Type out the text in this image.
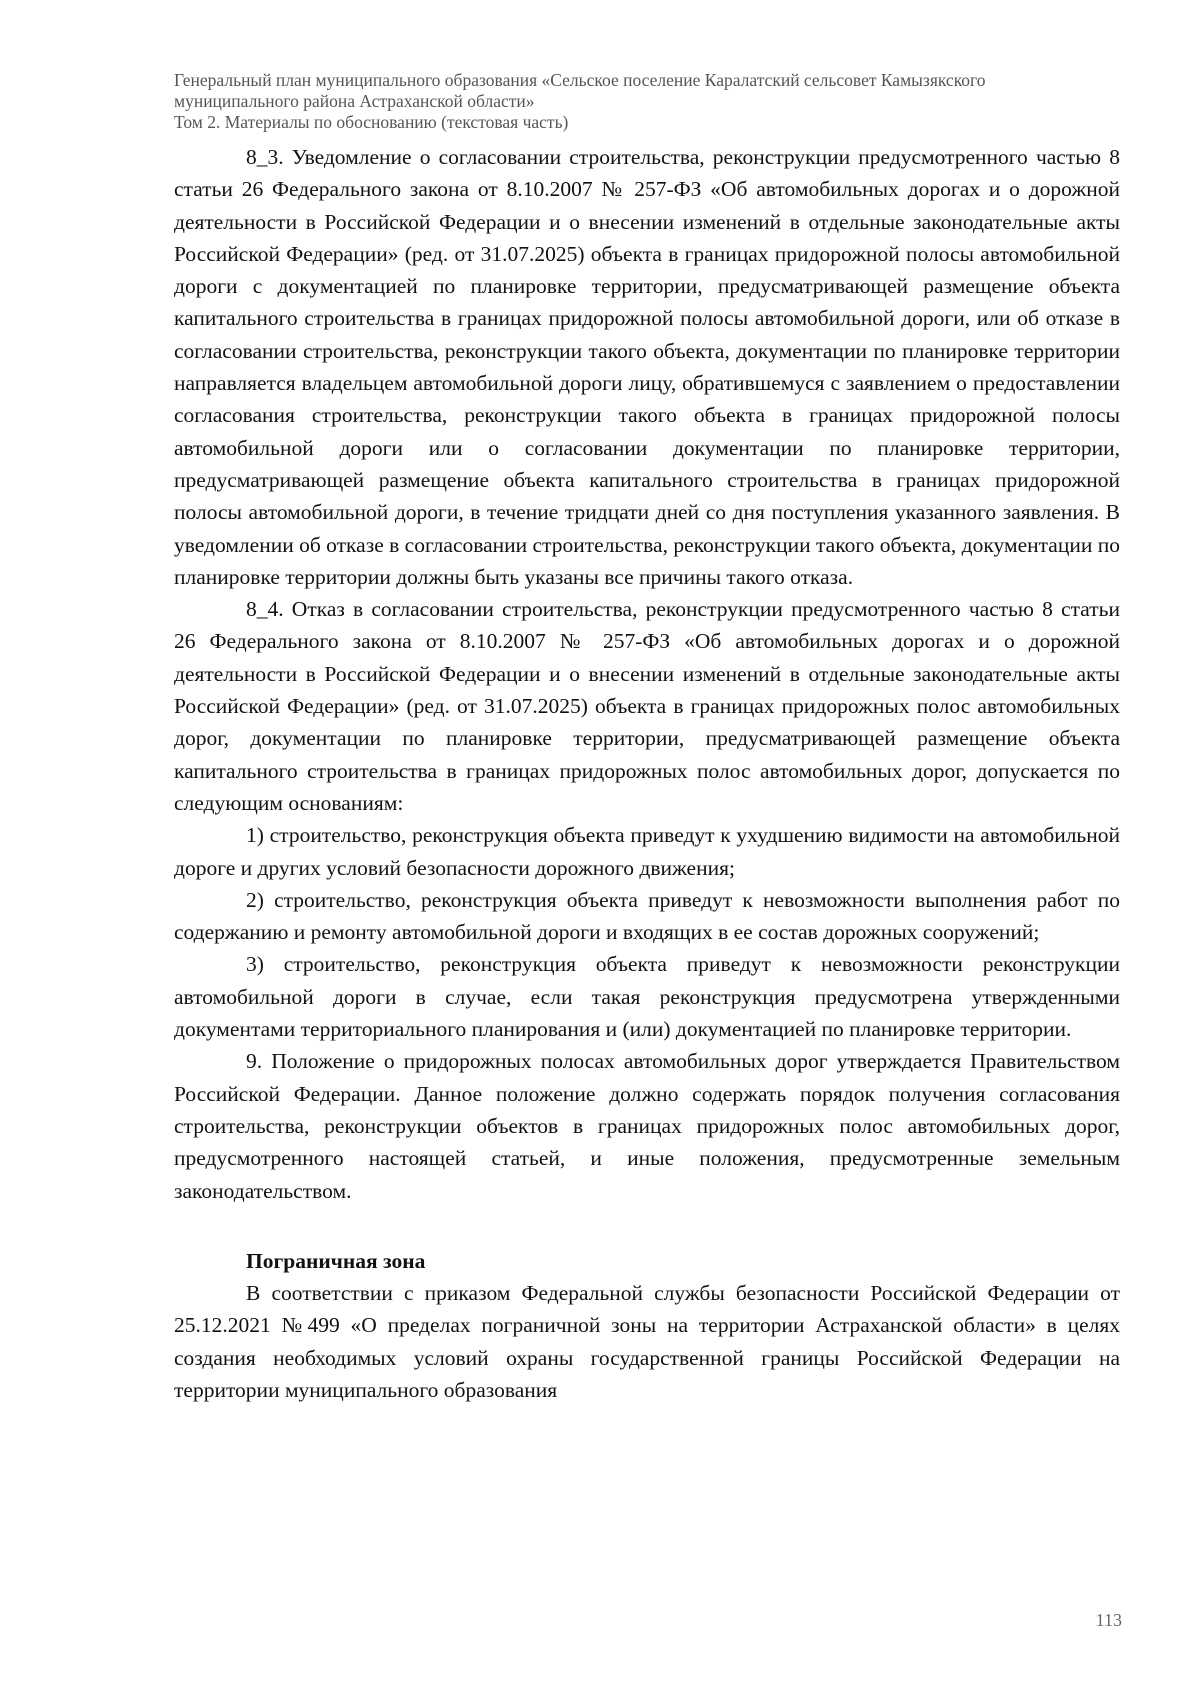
Генеральный план муниципального образования «Сельское поселение Каралатский сельсовет Камызякского
муниципального района Астраханской области»
Том 2. Материалы по обоснованию (текстовая часть)

8_3. Уведомление о согласовании строительства, реконструкции предусмотренного частью 8 статьи 26 Федерального закона от 8.10.2007 № 257-ФЗ «Об автомобильных дорогах и о дорожной деятельности в Российской Федерации и о внесении изменений в отдельные законодательные акты Российской Федерации» (ред. от 31.07.2025) объекта в границах придорожной полосы автомобильной дороги с документацией по планировке территории, предусматривающей размещение объекта капитального строительства в границах придорожной полосы автомобильной дороги, или об отказе в согласовании строительства, реконструкции такого объекта, документации по планировке территории направляется владельцем автомобильной дороги лицу, обратившемуся с заявлением о предоставлении согласования строительства, реконструкции такого объекта в границах придорожной полосы автомобильной дороги или о согласовании документации по планировке территории, предусматривающей размещение объекта капитального строительства в границах придорожной полосы автомобильной дороги, в течение тридцати дней со дня поступления указанного заявления. В уведомлении об отказе в согласовании строительства, реконструкции такого объекта, документации по планировке территории должны быть указаны все причины такого отказа.

8_4. Отказ в согласовании строительства, реконструкции предусмотренного частью 8 статьи 26 Федерального закона от 8.10.2007 № 257-ФЗ «Об автомобильных дорогах и о дорожной деятельности в Российской Федерации и о внесении изменений в отдельные законодательные акты Российской Федерации» (ред. от 31.07.2025) объекта в границах придорожных полос автомобильных дорог, документации по планировке территории, предусматривающей размещение объекта капитального строительства в границах придорожных полос автомобильных дорог, допускается по следующим основаниям:

1) строительство, реконструкция объекта приведут к ухудшению видимости на автомобильной дороге и других условий безопасности дорожного движения;

2) строительство, реконструкция объекта приведут к невозможности выполнения работ по содержанию и ремонту автомобильной дороги и входящих в ее состав дорожных сооружений;

3) строительство, реконструкция объекта приведут к невозможности реконструкции автомобильной дороги в случае, если такая реконструкция предусмотрена утвержденными документами территориального планирования и (или) документацией по планировке территории.

9. Положение о придорожных полосах автомобильных дорог утверждается Правительством Российской Федерации. Данное положение должно содержать порядок получения согласования строительства, реконструкции объектов в границах придорожных полос автомобильных дорог, предусмотренного настоящей статьей, и иные положения, предусмотренные земельным законодательством.

Пограничная зона

В соответствии с приказом Федеральной службы безопасности Российской Федерации от 25.12.2021 №499 «О пределах пограничной зоны на территории Астраханской области» в целях создания необходимых условий охраны государственной границы Российской Федерации на территории муниципального образования

113
